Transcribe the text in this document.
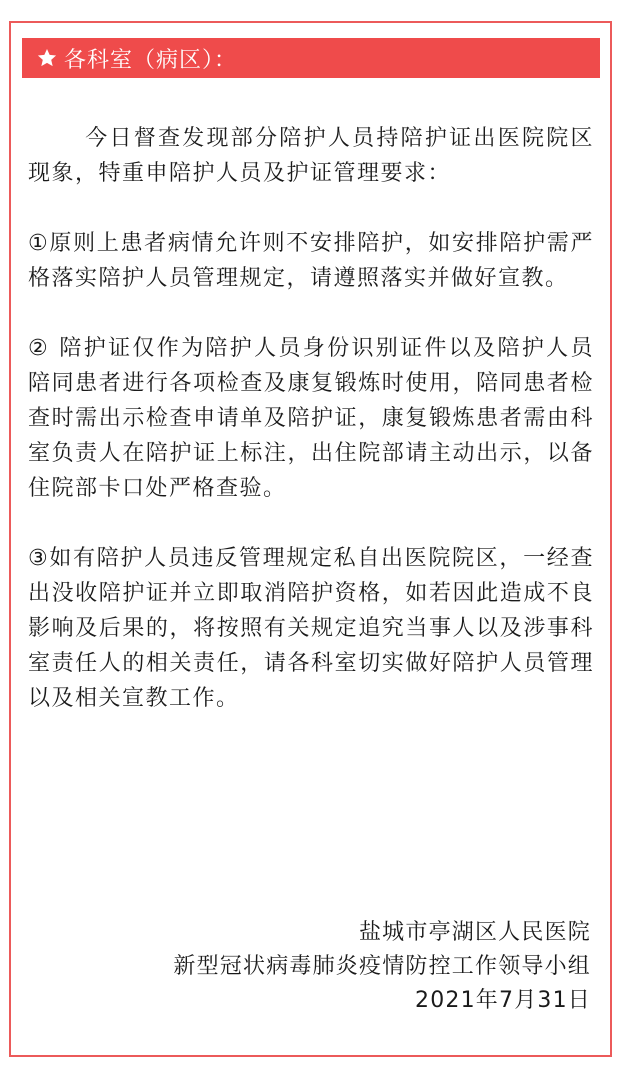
各科室（病区）：

今日督查发现部分陪护人员持陪护证出医院院区现象，特重申陪护人员及护证管理要求：

①原则上患者病情允许则不安排陪护，如安排陪护需严格落实陪护人员管理规定，请遵照落实并做好宣教。

② 陪护证仅作为陪护人员身份识别证件以及陪护人员陪同患者进行各项检查及康复锻炼时使用，陪同患者检查时需出示检查申请单及陪护证，康复锻炼患者需由科室负责人在陪护证上标注，出住院部请主动出示，以备住院部卡口处严格查验。

③如有陪护人员违反管理规定私自出医院院区，一经查出没收陪护证并立即取消陪护资格，如若因此造成不良影响及后果的，将按照有关规定追究当事人以及涉事科室责任人的相关责任，请各科室切实做好陪护人员管理以及相关宣教工作。

盐城市亭湖区人民医院
新型冠状病毒肺炎疫情防控工作领导小组
2021年7月31日
